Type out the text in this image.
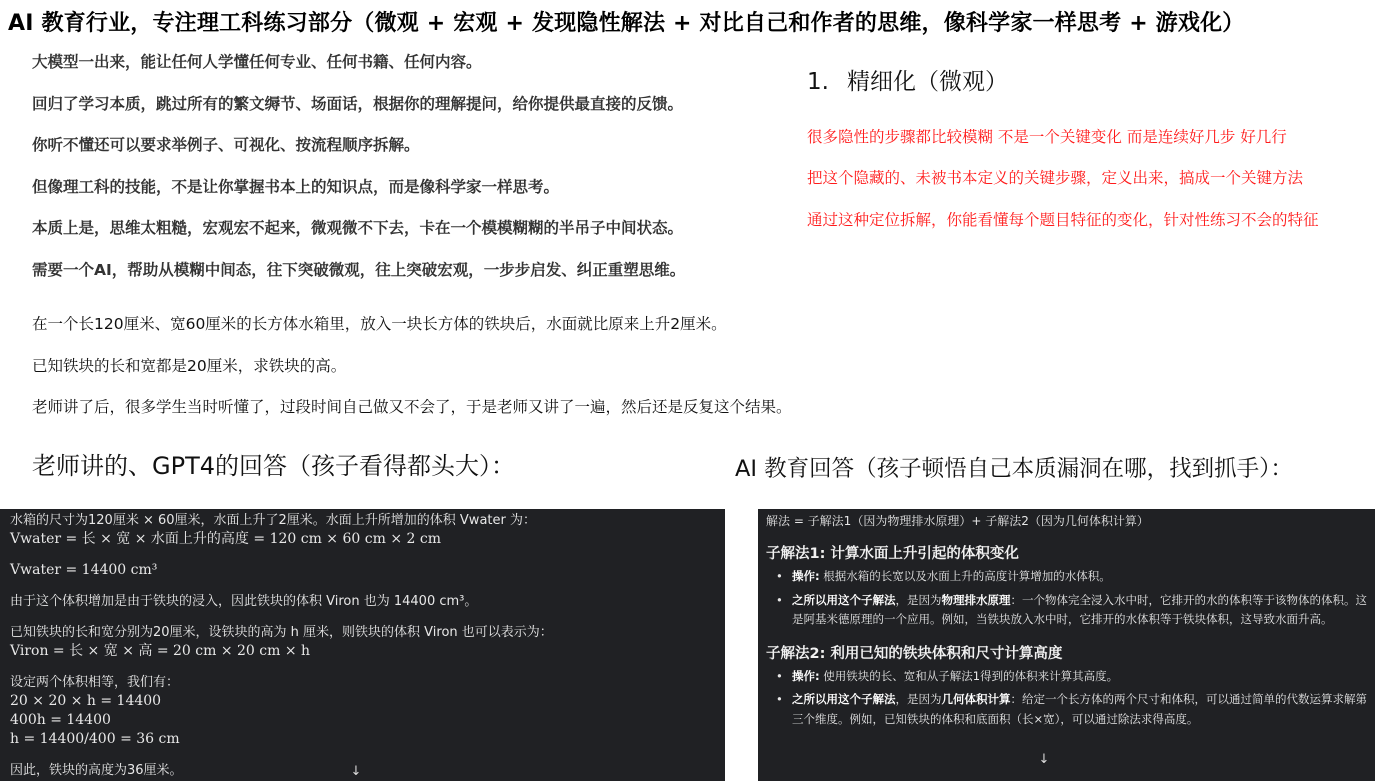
AI 教育行业，专注理工科练习部分（微观 + 宏观 + 发现隐性解法 + 对比自己和作者的思维，像科学家一样思考 + 游戏化）

大模型一出来，能让任何人学懂任何专业、任何书籍、任何内容。

回归了学习本质，跳过所有的繁文缛节、场面话，根据你的理解提问，给你提供最直接的反馈。

你听不懂还可以要求举例子、可视化、按流程顺序拆解。

但像理工科的技能，不是让你掌握书本上的知识点，而是像科学家一样思考。

本质上是，思维太粗糙，宏观宏不起来，微观微不下去，卡在一个模模糊糊的半吊子中间状态。

需要一个AI，帮助从模糊中间态，往下突破微观，往上突破宏观，一步步启发、纠正重塑思维。

1. 精细化（微观）

很多隐性的步骤都比较模糊 不是一个关键变化 而是连续好几步 好几行

把这个隐藏的、未被书本定义的关键步骤，定义出来，搞成一个关键方法

通过这种定位拆解，你能看懂每个题目特征的变化，针对性练习不会的特征

在一个长120厘米、宽60厘米的长方体水箱里，放入一块长方体的铁块后，水面就比原来上升2厘米。

已知铁块的长和宽都是20厘米，求铁块的高。

老师讲了后，很多学生当时听懂了，过段时间自己做又不会了，于是老师又讲了一遍，然后还是反复这个结果。

老师讲的、GPT4的回答（孩子看得都头大）：	AI 教育回答（孩子顿悟自己本质漏洞在哪，找到抓手）：
水箱的尺寸为120厘米 × 60厘米，水面上升了2厘米。水面上升所增加的体积 Vwater 为：
Vwater = 长 × 宽 × 水面上升的高度 = 120 cm × 60 cm × 2 cm
Vwater = 14400 cm³
由于这个体积增加是由于铁块的浸入，因此铁块的体积 Viron 也为 14400 cm³。
已知铁块的长和宽分别为20厘米，设铁块的高为 h 厘米，则铁块的体积 Viron 也可以表示为：
Viron = 长 × 宽 × 高 = 20 cm × 20 cm × h
设定两个体积相等，我们有：
20 × 20 × h = 14400
400h = 14400
h = 14400/400 = 36 cm
因此，铁块的高度为36厘米。	↓
解法 = 子解法1（因为物理排水原理）+ 子解法2（因为几何体积计算）
子解法1: 计算水面上升引起的体积变化
• 操作: 根据水箱的长宽以及水面上升的高度计算增加的水体积。
• 之所以用这个子解法，是因为物理排水原理：一个物体完全浸入水中时，它排开的水的体积等于该物体的体积。这是阿基米德原理的一个应用。例如，当铁块放入水中时，它排开的水体积等于铁块体积，这导致水面升高。
子解法2: 利用已知的铁块体积和尺寸计算高度
• 操作: 使用铁块的长、宽和从子解法1得到的体积来计算其高度。
• 之所以用这个子解法，是因为几何体积计算：给定一个长方体的两个尺寸和体积，可以通过简单的代数运算求解第三个维度。例如，已知铁块的体积和底面积（长×宽），可以通过除法求得高度。
↓
